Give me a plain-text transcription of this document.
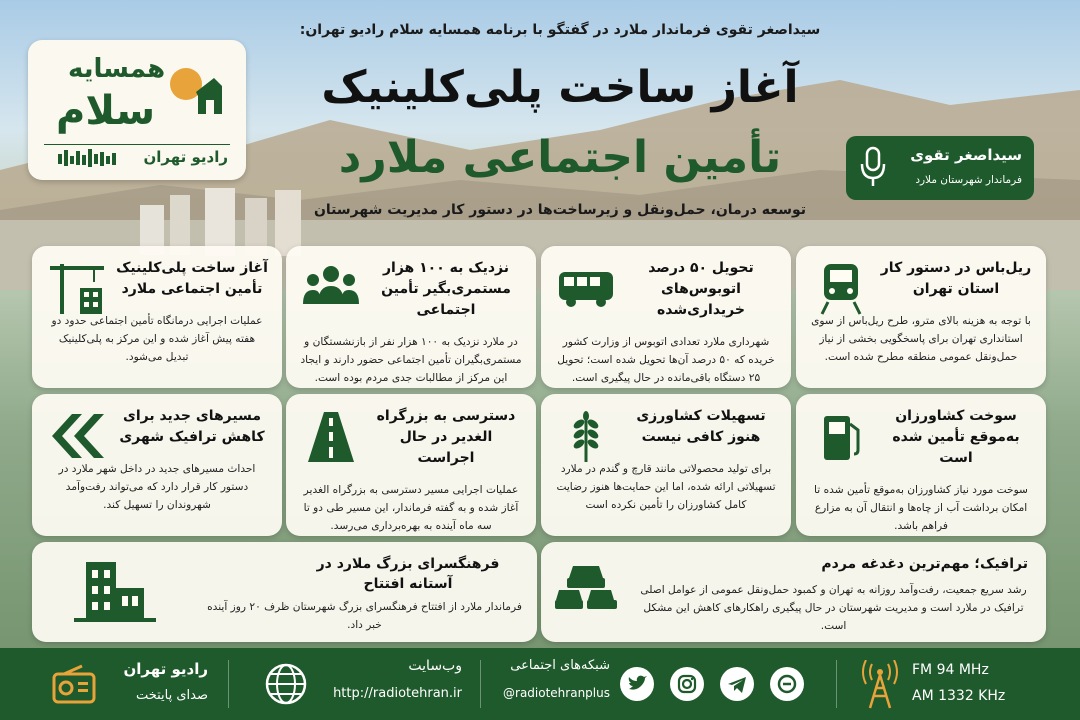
سیداصغر تقوی فرماندار ملارد در گفتگو با برنامه همسایه سلام رادیو تهران:
آغاز ساخت پلی‌کلینیک
تأمین اجتماعی ملارد
توسعه درمان، حمل‌ونقل و زیرساخت‌ها در دستور کار مدیریت شهرستان
همسایه
سلام
رادیو تهران	سیداصغر تقوی
فرماندار شهرستان ملارد
ریل‌باس در دستور کار استان تهران

با توجه به هزینه بالای مترو، طرح ریل‌باس از سوی استانداری تهران برای پاسخگویی بخشی از نیاز حمل‌ونقل عمومی منطقه مطرح شده است.

تحویل ۵۰ درصد اتوبوس‌های خریداری‌شده

شهرداری ملارد تعدادی اتوبوس از وزارت کشور خریده که ۵۰ درصد آن‌ها تحویل شده است؛ تحویل ۲۵ دستگاه باقی‌مانده در حال پیگیری است.

نزدیک به ۱۰۰ هزار مستمری‌بگیر تأمین اجتماعی

در ملارد نزدیک به ۱۰۰ هزار نفر از بازنشستگان و مستمری‌بگیران تأمین اجتماعی حضور دارند و ایجاد این مرکز از مطالبات جدی مردم بوده است.

آغاز ساخت پلی‌کلینیک تأمین اجتماعی ملارد

عملیات اجرایی درمانگاه تأمین اجتماعی حدود دو هفته پیش آغاز شده و این مرکز به پلی‌کلینیک تبدیل می‌شود.

سوخت کشاورزان به‌موقع تأمین شده است

سوخت مورد نیاز کشاورزان به‌موقع تأمین شده تا امکان برداشت آب از چاه‌ها و انتقال آن به مزارع فراهم باشد.

تسهیلات کشاورزی هنوز کافی نیست

برای تولید محصولاتی مانند قارچ و گندم در ملارد تسهیلاتی ارائه شده، اما این حمایت‌ها هنوز رضایت کامل کشاورزان را تأمین نکرده است

دسترسی به بزرگراه الغدیر در حال اجراست

عملیات اجرایی مسیر دسترسی به بزرگراه الغدیر آغاز شده و به گفته فرماندار، این مسیر طی دو تا سه ماه آینده به بهره‌برداری می‌رسد.

مسیرهای جدید برای کاهش ترافیک شهری

احداث مسیرهای جدید در داخل شهر ملارد در دستور کار قرار دارد که می‌تواند رفت‌وآمد شهروندان را تسهیل کند.

ترافیک؛ مهم‌ترین دغدغه مردم

رشد سریع جمعیت، رفت‌وآمد روزانه به تهران و کمبود حمل‌ونقل عمومی از عوامل اصلی ترافیک در ملارد است و مدیریت شهرستان در حال پیگیری راهکارهای کاهش این مشکل است.

فرهنگسرای بزرگ ملارد در آستانه افتتاح

فرماندار ملارد از افتتاح فرهنگسرای بزرگ شهرستان ظرف ۲۰ روز آینده خبر داد.

رادیو تهران
صدای پایتخت
وب‌سایت
http://radiotehran.ir
شبکه‌های اجتماعی
@radiotehranplus
FM 94 MHz
AM 1332 KHz
